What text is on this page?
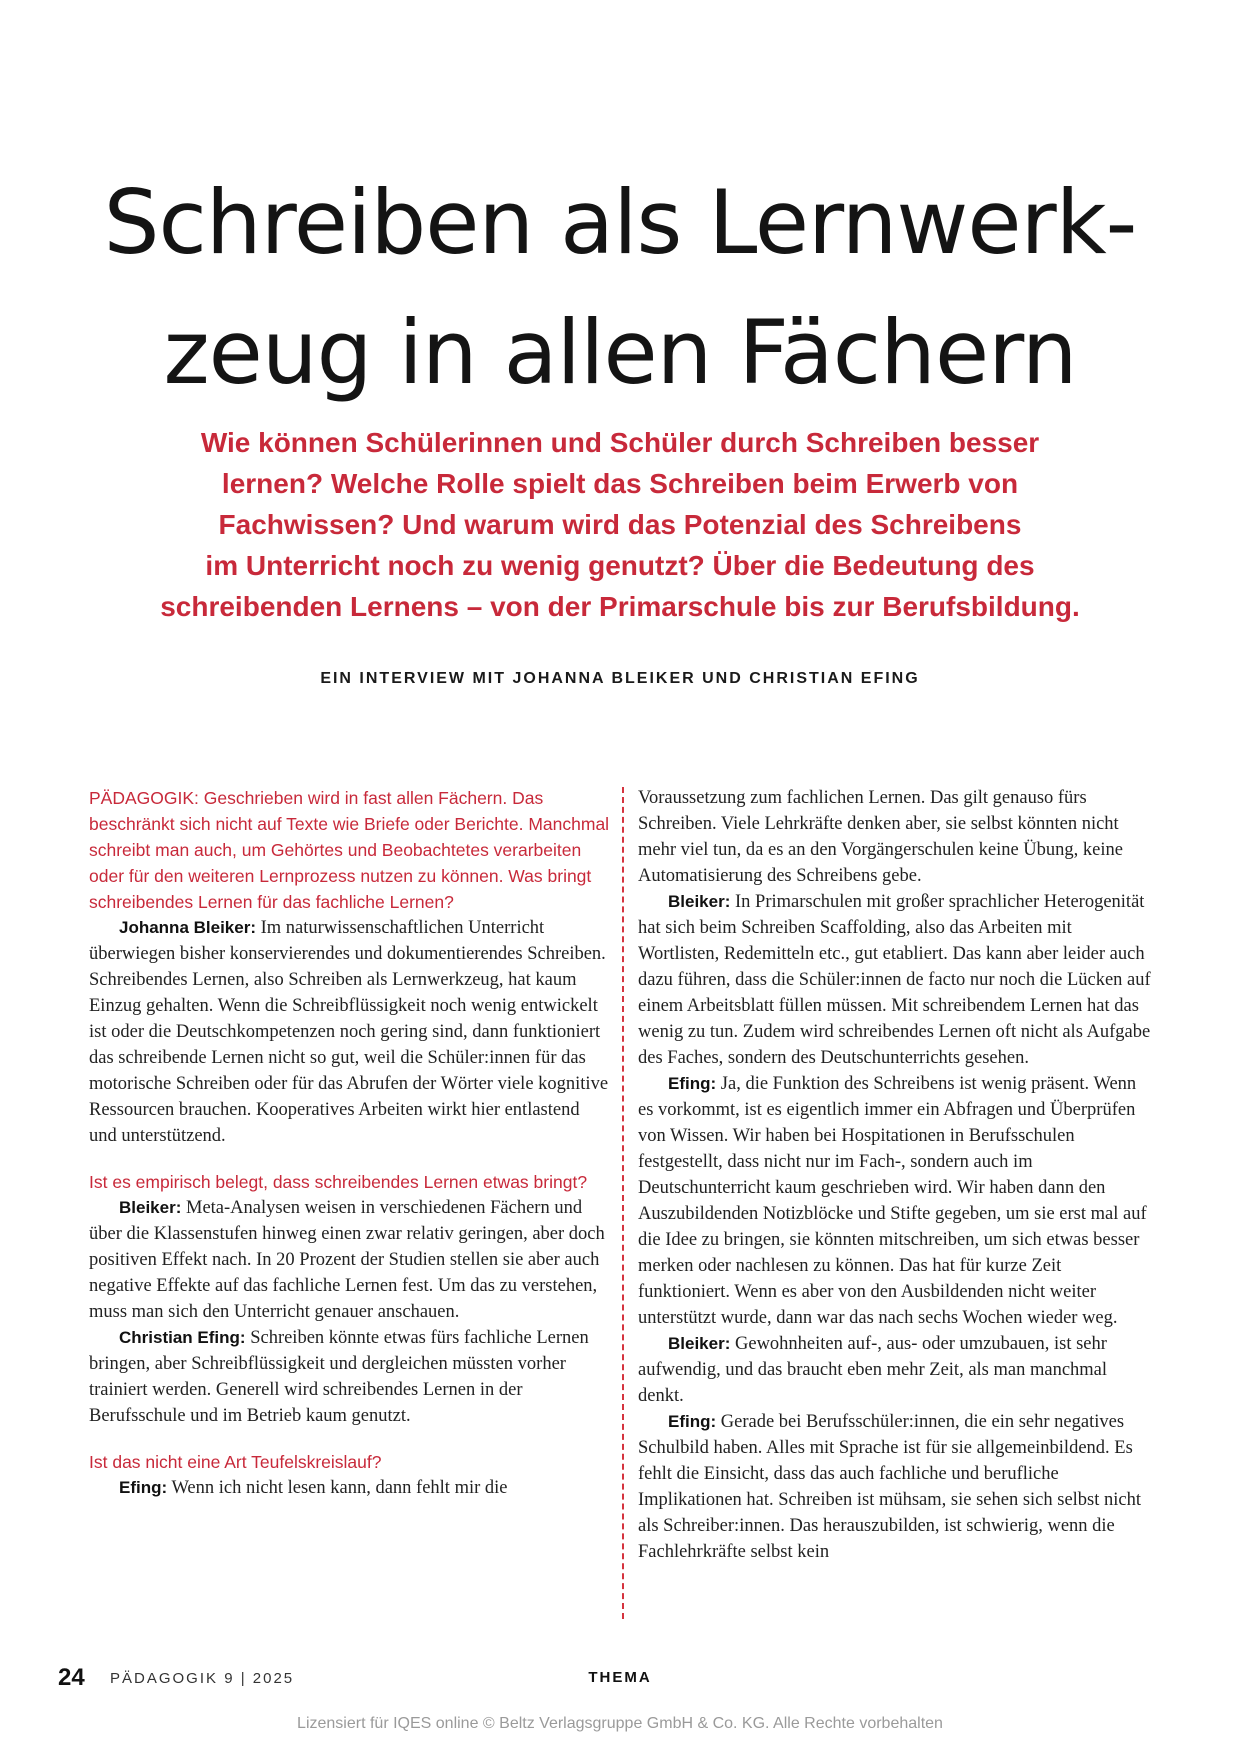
Schreiben als Lernwerk-
zeug in allen Fächern
Wie können Schülerinnen und Schüler durch Schreiben besser
lernen? Welche Rolle spielt das Schreiben beim Erwerb von
Fachwissen? Und warum wird das Potenzial des Schreibens
im Unterricht noch zu wenig genutzt? Über die Bedeutung des
schreibenden Lernens – von der Primarschule bis zur Berufsbildung.
EIN INTERVIEW MIT JOHANNA BLEIKER UND CHRISTIAN EFING

PÄDAGOGIK: Geschrieben wird in fast allen Fächern. Das beschränkt sich nicht auf Texte wie Briefe oder Berichte. Manchmal schreibt man auch, um Gehörtes und Beobachtetes verarbeiten oder für den weiteren Lernprozess nutzen zu können. Was bringt schreibendes Lernen für das fachliche Lernen?

Johanna Bleiker: Im naturwissenschaftlichen Unterricht überwiegen bisher konservierendes und dokumentierendes Schreiben. Schreibendes Lernen, also Schreiben als Lernwerkzeug, hat kaum Einzug gehalten. Wenn die Schreibflüssigkeit noch wenig entwickelt ist oder die Deutschkompetenzen noch gering sind, dann funktioniert das schreibende Lernen nicht so gut, weil die Schüler:innen für das motorische Schreiben oder für das Abrufen der Wörter viele kognitive Ressourcen brauchen. Kooperatives Arbeiten wirkt hier entlastend und unterstützend.

Ist es empirisch belegt, dass schreibendes Lernen etwas bringt?

Bleiker: Meta-Analysen weisen in verschiedenen Fächern und über die Klassenstufen hinweg einen zwar relativ geringen, aber doch positiven Effekt nach. In 20 Prozent der Studien stellen sie aber auch negative Effekte auf das fachliche Lernen fest. Um das zu verstehen, muss man sich den Unterricht genauer anschauen.

Christian Efing: Schreiben könnte etwas fürs fachliche Lernen bringen, aber Schreibflüssigkeit und dergleichen müssten vorher trainiert werden. Generell wird schreibendes Lernen in der Berufsschule und im Betrieb kaum genutzt.

Ist das nicht eine Art Teufelskreislauf?

Efing: Wenn ich nicht lesen kann, dann fehlt mir die

Voraussetzung zum fachlichen Lernen. Das gilt genauso fürs Schreiben. Viele Lehrkräfte denken aber, sie selbst könnten nicht mehr viel tun, da es an den Vorgängerschulen keine Übung, keine Automatisierung des Schreibens gebe.

Bleiker: In Primarschulen mit großer sprachlicher Heterogenität hat sich beim Schreiben Scaffolding, also das Arbeiten mit Wortlisten, Redemitteln etc., gut etabliert. Das kann aber leider auch dazu führen, dass die Schüler:innen de facto nur noch die Lücken auf einem Arbeitsblatt füllen müssen. Mit schreibendem Lernen hat das wenig zu tun. Zudem wird schreibendes Lernen oft nicht als Aufgabe des Faches, sondern des Deutschunterrichts gesehen.

Efing: Ja, die Funktion des Schreibens ist wenig präsent. Wenn es vorkommt, ist es eigentlich immer ein Abfragen und Überprüfen von Wissen. Wir haben bei Hospitationen in Berufsschulen festgestellt, dass nicht nur im Fach-, sondern auch im Deutschunterricht kaum geschrieben wird. Wir haben dann den Auszubildenden Notizblöcke und Stifte gegeben, um sie erst mal auf die Idee zu bringen, sie könnten mitschreiben, um sich etwas besser merken oder nachlesen zu können. Das hat für kurze Zeit funktioniert. Wenn es aber von den Ausbildenden nicht weiter unterstützt wurde, dann war das nach sechs Wochen wieder weg.

Bleiker: Gewohnheiten auf-, aus- oder umzubauen, ist sehr aufwendig, und das braucht eben mehr Zeit, als man manchmal denkt.

Efing: Gerade bei Berufsschüler:innen, die ein sehr negatives Schulbild haben. Alles mit Sprache ist für sie allgemeinbildend. Es fehlt die Einsicht, dass das auch fachliche und berufliche Implikationen hat. Schreiben ist mühsam, sie sehen sich selbst nicht als Schreiber:innen. Das herauszubilden, ist schwierig, wenn die Fachlehrkräfte selbst kein

24 PÄDAGOGIK 9 | 2025	THEMA
Lizensiert für IQES online © Beltz Verlagsgruppe GmbH & Co. KG. Alle Rechte vorbehalten
